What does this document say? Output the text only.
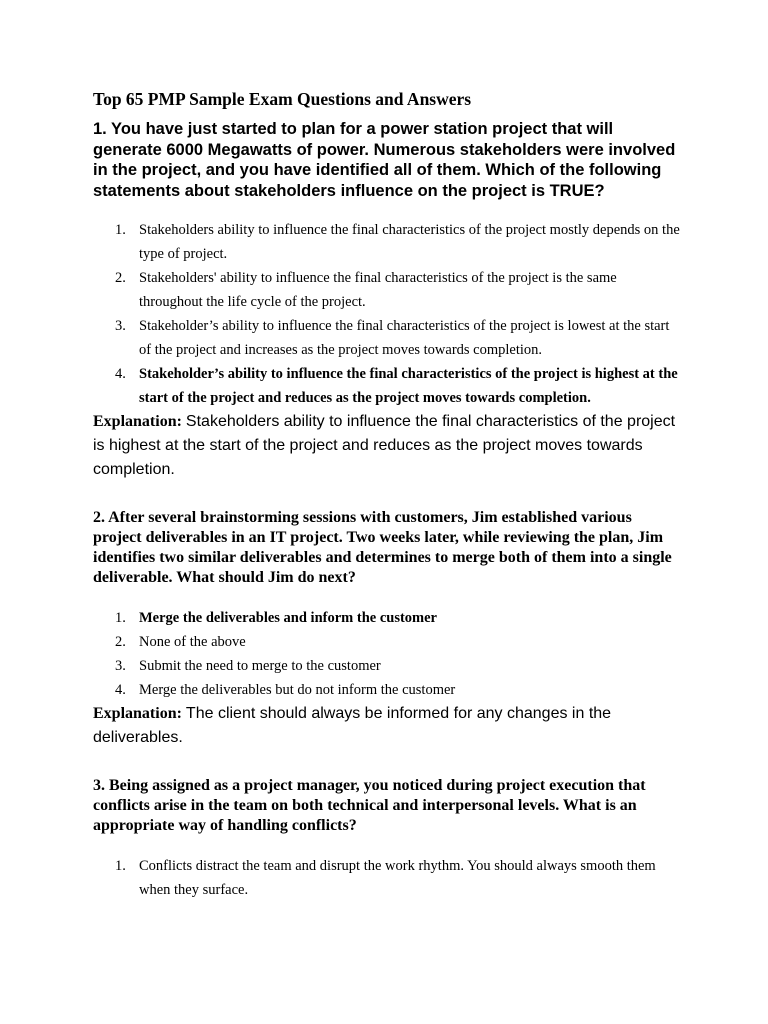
Top 65 PMP Sample Exam Questions and Answers

1. You have just started to plan for a power station project that will generate 6000 Megawatts of power. Numerous stakeholders were involved in the project, and you have identified all of them. Which of the following statements about stakeholders influence on the project is TRUE?

1. Stakeholders ability to influence the final characteristics of the project mostly depends on the type of project.
2. Stakeholders' ability to influence the final characteristics of the project is the same throughout the life cycle of the project.
3. Stakeholder’s ability to influence the final characteristics of the project is lowest at the start of the project and increases as the project moves towards completion.
4. Stakeholder’s ability to influence the final characteristics of the project is highest at the start of the project and reduces as the project moves towards completion.

Explanation: Stakeholders ability to influence the final characteristics of the project is highest at the start of the project and reduces as the project moves towards completion.

2. After several brainstorming sessions with customers, Jim established various project deliverables in an IT project. Two weeks later, while reviewing the plan, Jim identifies two similar deliverables and determines to merge both of them into a single deliverable. What should Jim do next?

1. Merge the deliverables and inform the customer
2. None of the above
3. Submit the need to merge to the customer
4. Merge the deliverables but do not inform the customer

Explanation: The client should always be informed for any changes in the deliverables.

3. Being assigned as a project manager, you noticed during project execution that conflicts arise in the team on both technical and interpersonal levels. What is an appropriate way of handling conflicts?

1. Conflicts distract the team and disrupt the work rhythm. You should always smooth them when they surface.
